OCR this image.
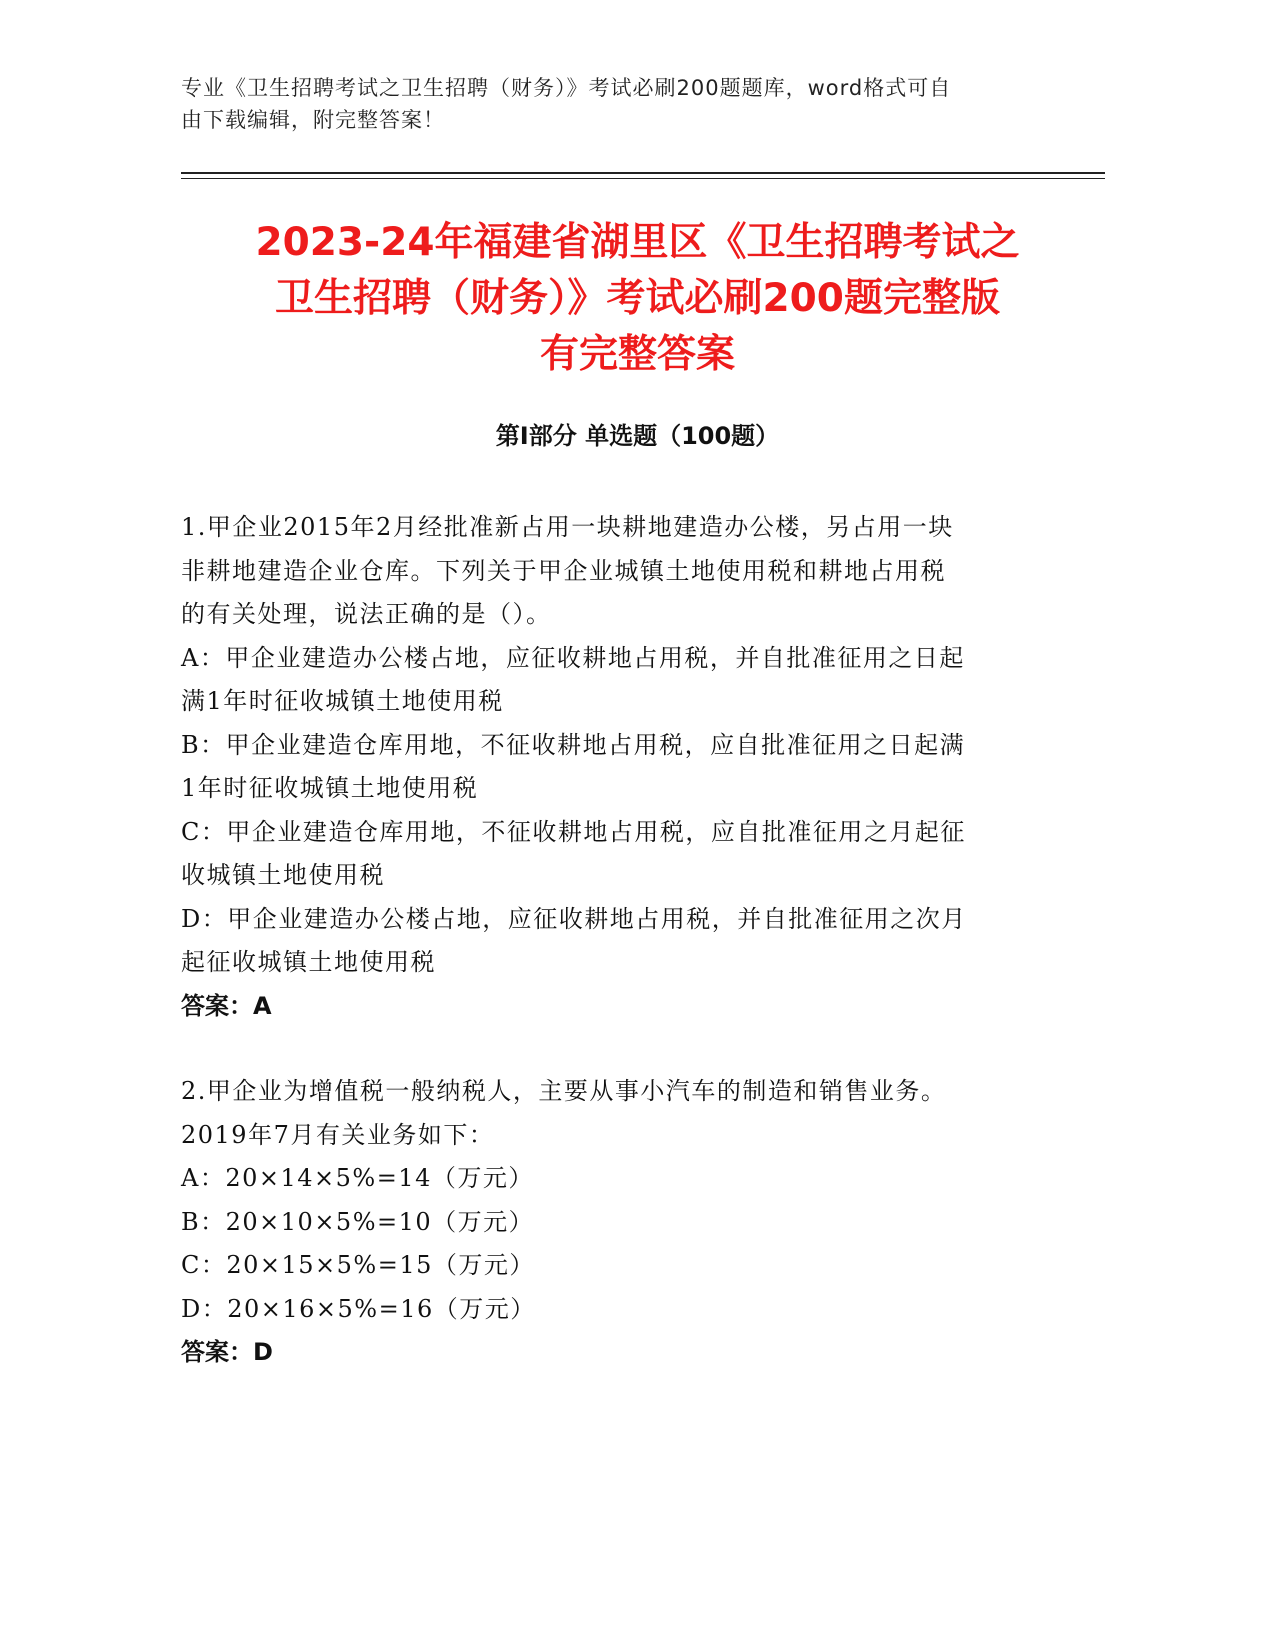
专业《卫生招聘考试之卫生招聘（财务）》考试必刷200题题库，word格式可自
由下载编辑，附完整答案！
2023-24年福建省湖里区《卫生招聘考试之
卫生招聘（财务）》考试必刷200题完整版
有完整答案
第I部分 单选题（100题）
1.甲企业2015年2月经批准新占用一块耕地建造办公楼，另占用一块
非耕地建造企业仓库。下列关于甲企业城镇土地使用税和耕地占用税
的有关处理，说法正确的是（）。
A：甲企业建造办公楼占地，应征收耕地占用税，并自批准征用之日起
满1年时征收城镇土地使用税
B：甲企业建造仓库用地，不征收耕地占用税，应自批准征用之日起满
1年时征收城镇土地使用税
C：甲企业建造仓库用地，不征收耕地占用税，应自批准征用之月起征
收城镇土地使用税
D：甲企业建造办公楼占地，应征收耕地占用税，并自批准征用之次月
起征收城镇土地使用税
答案：A
2.甲企业为增值税一般纳税人，主要从事小汽车的制造和销售业务。
2019年7月有关业务如下：
A：20×14×5%=14（万元）
B：20×10×5%=10（万元）
C：20×15×5%=15（万元）
D：20×16×5%=16（万元）
答案：D
